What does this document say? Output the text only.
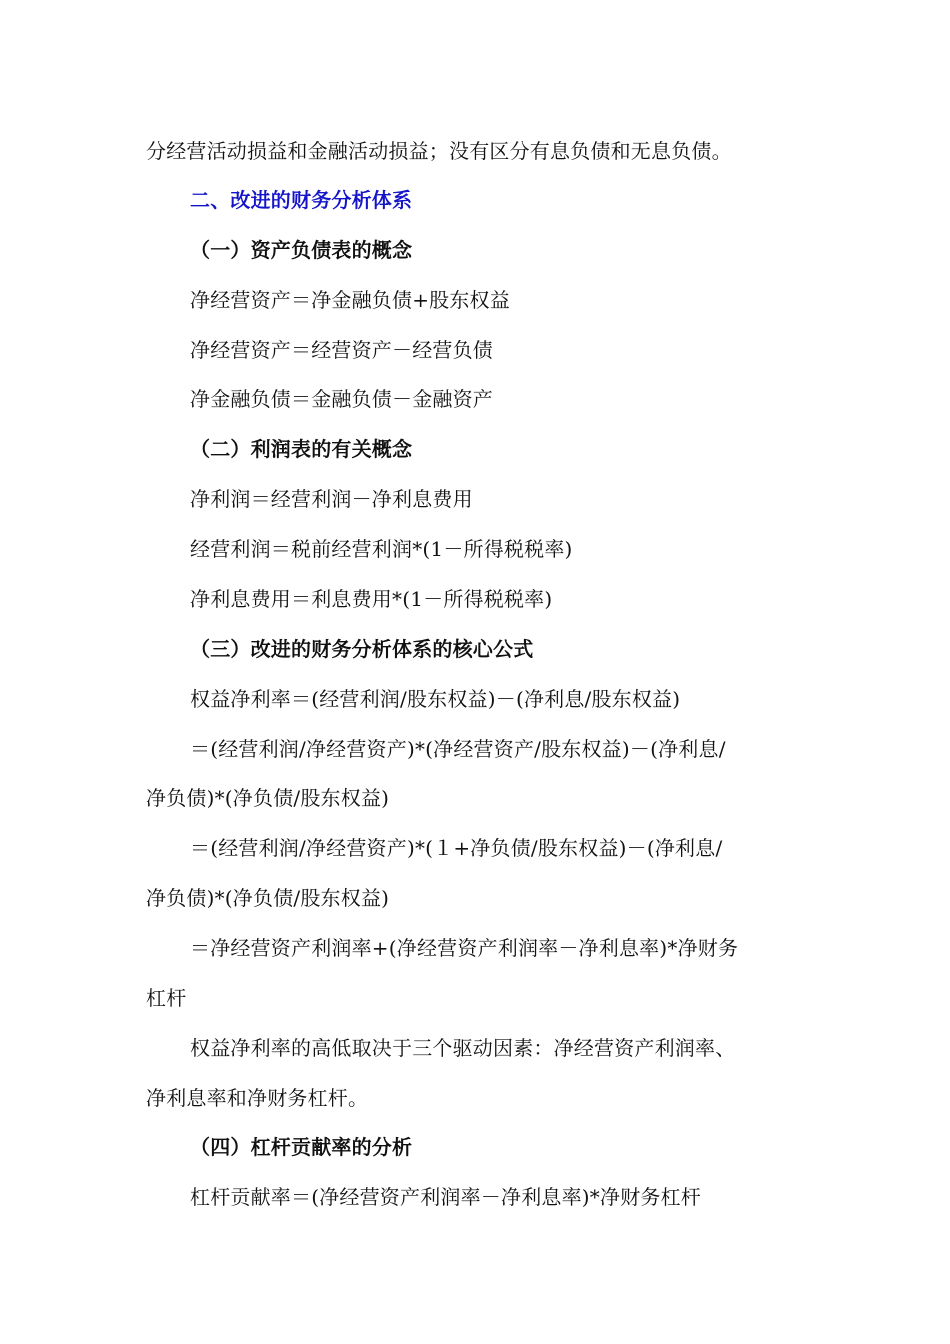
分经营活动损益和金融活动损益；没有区分有息负债和无息负债。
二、改进的财务分析体系
（一）资产负债表的概念
净经营资产＝净金融负债+股东权益
净经营资产＝经营资产－经营负债
净金融负债＝金融负债－金融资产
（二）利润表的有关概念
净利润＝经营利润－净利息费用
经营利润＝税前经营利润*(1－所得税税率)
净利息费用＝利息费用*(1－所得税税率)
（三）改进的财务分析体系的核心公式
权益净利率＝(经营利润/股东权益)－(净利息/股东权益)
＝(经营利润/净经营资产)*(净经营资产/股东权益)－(净利息/
净负债)*(净负债/股东权益)
＝(经营利润/净经营资产)*(１+净负债/股东权益)－(净利息/
净负债)*(净负债/股东权益)
＝净经营资产利润率+(净经营资产利润率－净利息率)*净财务
杠杆
权益净利率的高低取决于三个驱动因素：净经营资产利润率、
净利息率和净财务杠杆。
（四）杠杆贡献率的分析
杠杆贡献率＝(净经营资产利润率－净利息率)*净财务杠杆
